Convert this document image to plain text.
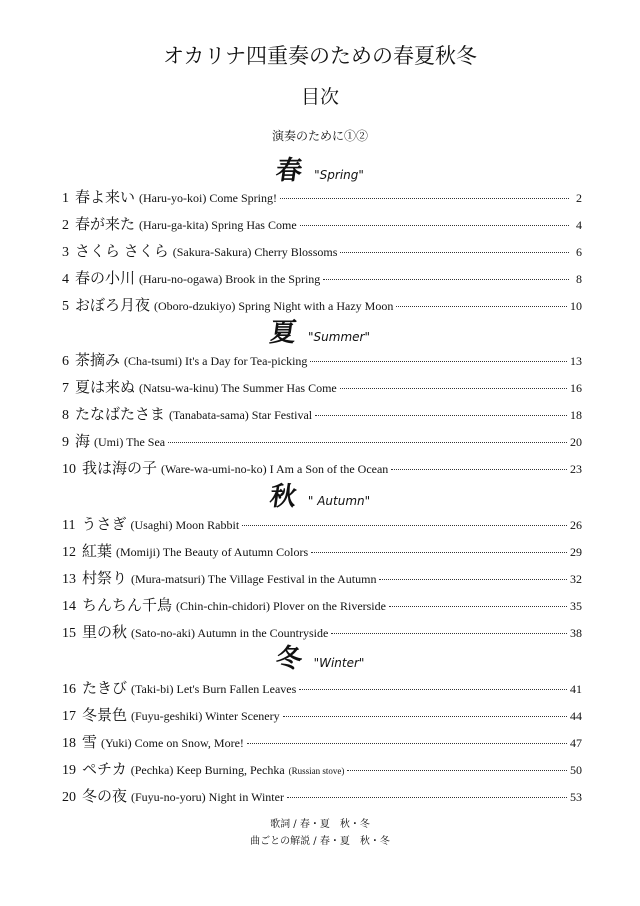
オカリナ四重奏のための春夏秋冬
目次
演奏のために①②
春 "Spring"
夏 "Summer"
秋 " Autumn"
冬 "Winter"
1 春よ来い (Haru-yo-koi) Come Spring!	2
2 春が来た (Haru-ga-kita) Spring Has Come	4
3 さくら さくら (Sakura-Sakura) Cherry Blossoms	6
4 春の小川 (Haru-no-ogawa) Brook in the Spring	8
5 おぼろ月夜 (Oboro-dzukiyo) Spring Night with a Hazy Moon	10
6 茶摘み (Cha-tsumi) It's a Day for Tea-picking	13
7 夏は来ぬ (Natsu-wa-kinu) The Summer Has Come	16
8 たなばたさま (Tanabata-sama) Star Festival	18
9 海 (Umi) The Sea	20
10 我は海の子 (Ware-wa-umi-no-ko) I Am a Son of the Ocean	23
11 うさぎ (Usaghi) Moon Rabbit	26
12 紅葉 (Momiji) The Beauty of Autumn Colors	29
13 村祭り (Mura-matsuri) The Village Festival in the Autumn	32
14 ちんちん千鳥 (Chin-chin-chidori) Plover on the Riverside	35
15 里の秋 (Sato-no-aki) Autumn in the Countryside	38
16 たきび (Taki-bi) Let's Burn Fallen Leaves	41
17 冬景色 (Fuyu-geshiki) Winter Scenery	44
18 雪 (Yuki) Come on Snow, More!	47
19 ペチカ (Pechka) Keep Burning, Pechka (Russian stove)	50
20 冬の夜 (Fuyu-no-yoru) Night in Winter	53
歌詞 / 春・夏　秋・冬
曲ごとの解説 / 春・夏　秋・冬
